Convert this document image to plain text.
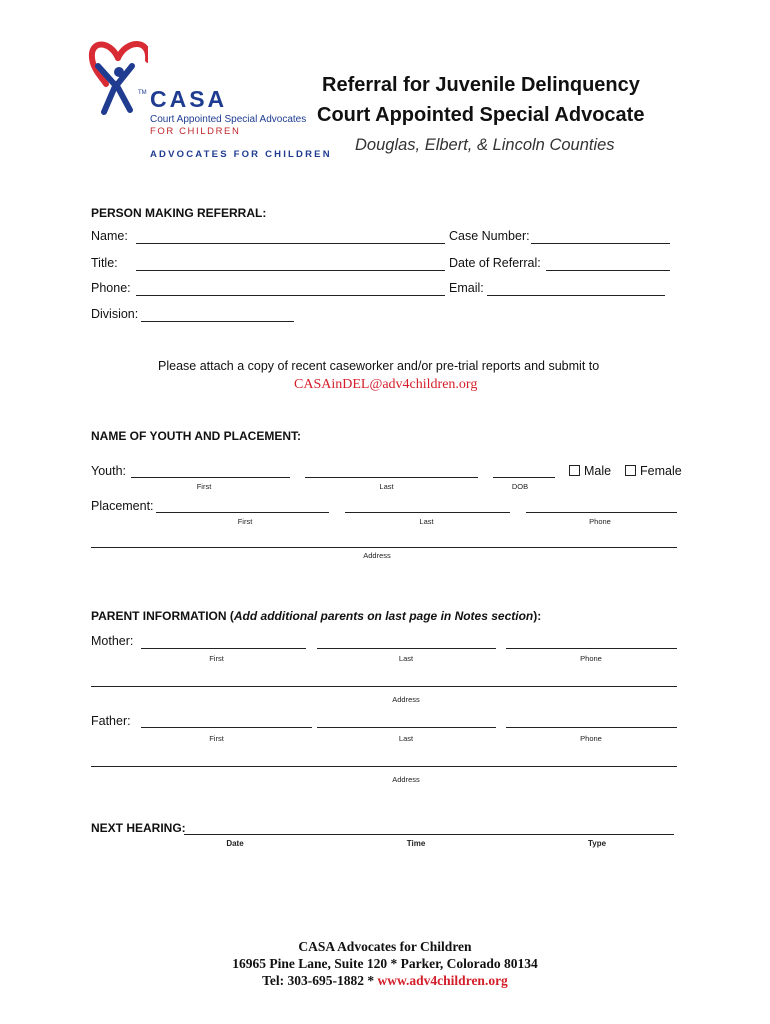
TM CASA
Court Appointed Special Advocates
FOR CHILDREN
ADVOCATES FOR CHILDREN
Referral for Juvenile Delinquency
Court Appointed Special Advocate
Douglas, Elbert, & Lincoln Counties
PERSON MAKING REFERRAL:
Name:	Case Number:
Title:	Date of Referral:
Phone:	Email:
Division:
Please attach a copy of recent caseworker and/or pre-trial reports and submit to
CASAinDEL@adv4children.org
NAME OF YOUTH AND PLACEMENT:
Youth:	Male Female
First	Last	DOB
Placement:
First	Last	Phone
Address
PARENT INFORMATION (Add additional parents on last page in Notes section):
Mother:
First	Last	Phone
Address
Father:
First	Last	Phone
Address
NEXT HEARING:
Date	Time	Type
CASA Advocates for Children
16965 Pine Lane, Suite 120 * Parker, Colorado 80134
Tel: 303-695-1882 * www.adv4children.org
